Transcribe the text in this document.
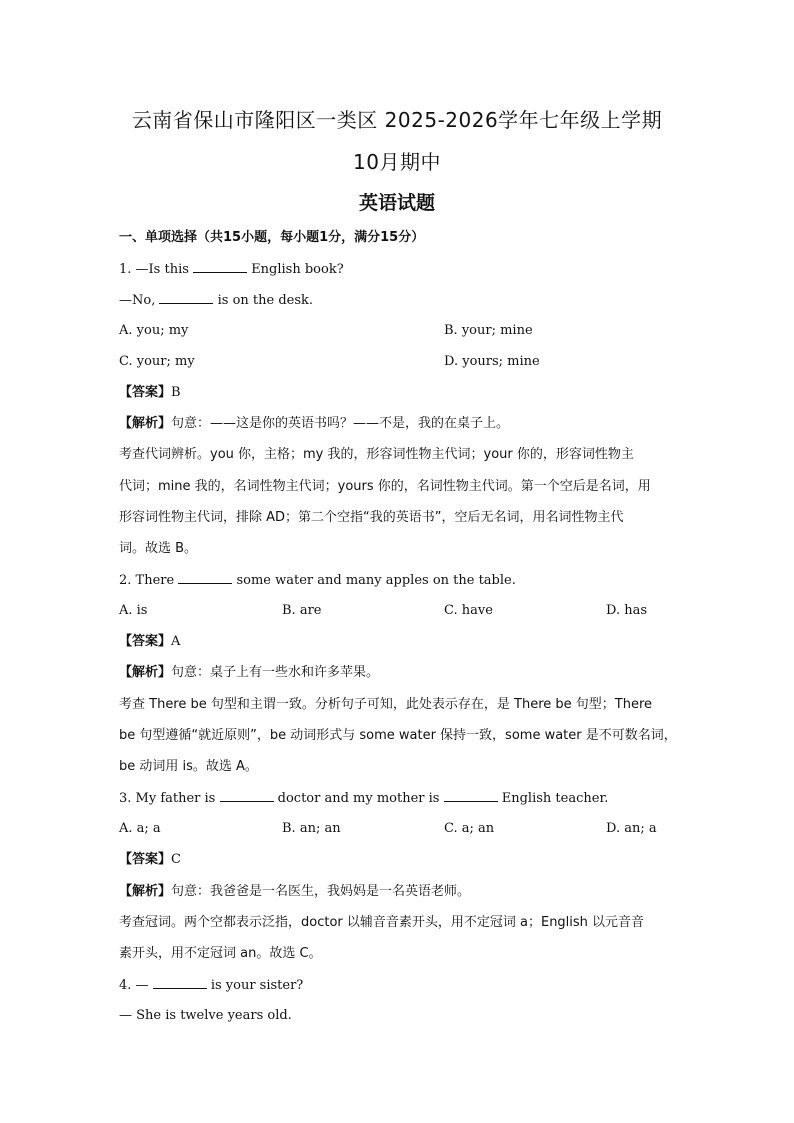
云南省保山市隆阳区一类区 2025-2026学年七年级上学期
10月期中
英语试题
一、单项选择（共15小题，每小题1分，满分15分）
1. —Is this	English book?
—No,	is on the desk.
A. you; my	B. your; mine
C. your; my	D. yours; mine
【答案】B
【解析】句意：——这是你的英语书吗？——不是，我的在桌子上。
考查代词辨析。you 你，主格；my 我的，形容词性物主代词；your 你的，形容词性物主
代词；mine 我的，名词性物主代词；yours 你的，名词性物主代词。第一个空后是名词，用
形容词性物主代词，排除 AD；第二个空指“我的英语书”，空后无名词，用名词性物主代
词。故选 B。
2. There	some water and many apples on the table.
A. is	B. are	C. have	D. has
【答案】A
【解析】句意：桌子上有一些水和许多苹果。
考查 There be 句型和主谓一致。分析句子可知，此处表示存在，是 There be 句型；There
be 句型遵循“就近原则”，be 动词形式与 some water 保持一致，some water 是不可数名词，
be 动词用 is。故选 A。
3. My father is	doctor and my mother is	English teacher.
A. a; a	B. an; an	C. a; an	D. an; a
【答案】C
【解析】句意：我爸爸是一名医生，我妈妈是一名英语老师。
考查冠词。两个空都表示泛指，doctor 以辅音音素开头，用不定冠词 a；English 以元音音
素开头，用不定冠词 an。故选 C。
4. —	is your sister?
— She is twelve years old.
